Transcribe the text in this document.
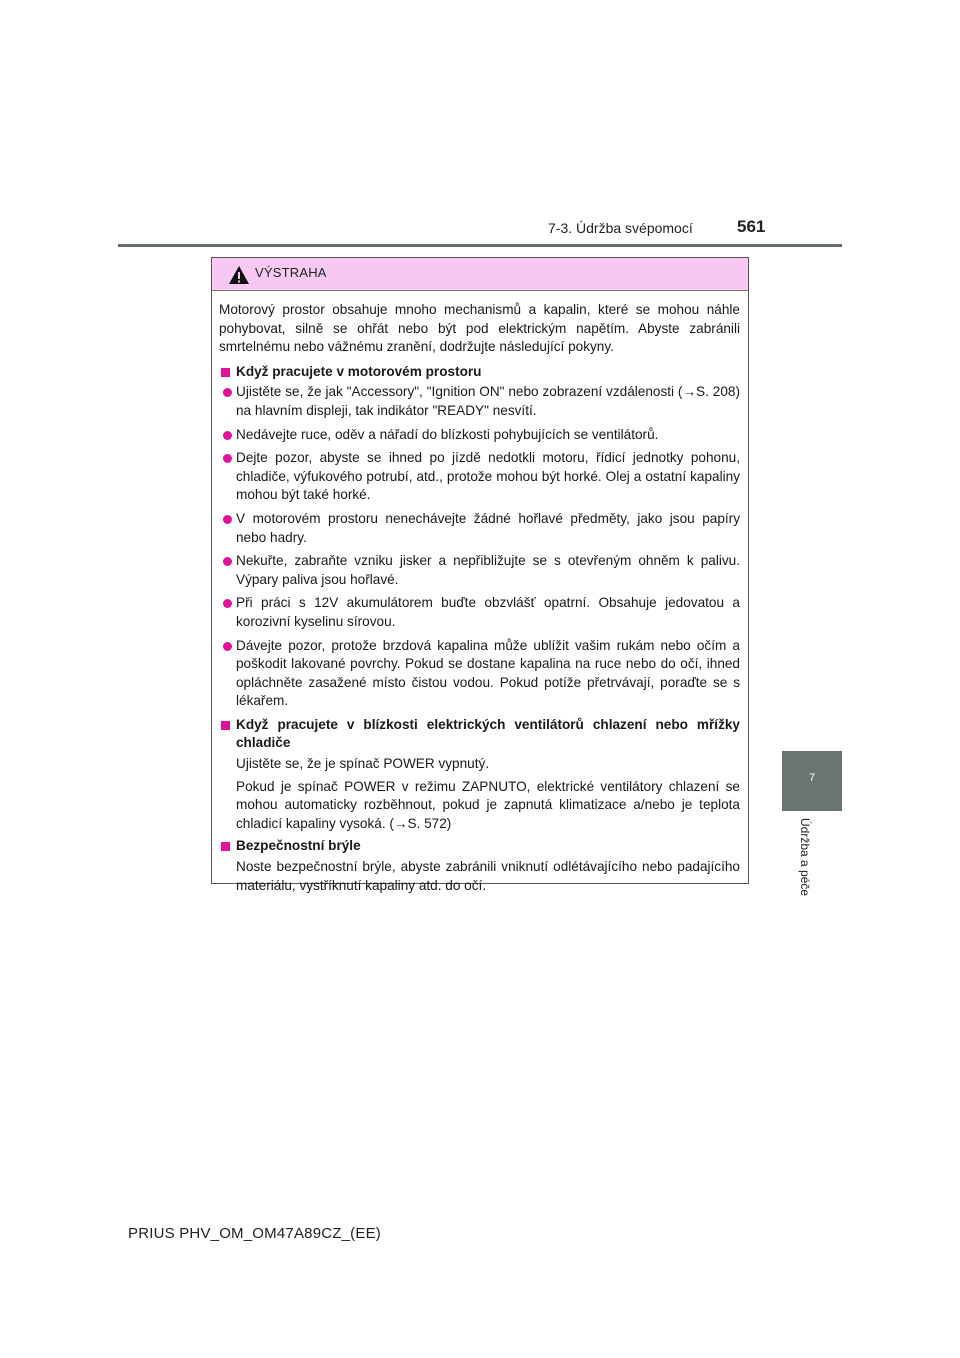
7-3. Údržba svépomocí	561
7
Údržba a péče
VÝSTRAHA

Motorový prostor obsahuje mnoho mechanismů a kapalin, které se mohou náhle pohybovat, silně se ohřát nebo být pod elektrickým napětím. Abyste zabránili smrtelnému nebo vážnému zranění, dodržujte následující pokyny.

Když pracujete v motorovém prostoru
Ujistěte se, že jak "Accessory", "Ignition ON" nebo zobrazení vzdálenosti (→S. 208) na hlavním displeji, tak indikátor "READY" nesvítí.
Nedávejte ruce, oděv a nářadí do blízkosti pohybujících se ventilátorů.
Dejte pozor, abyste se ihned po jízdě nedotkli motoru, řídicí jednotky pohonu, chladiče, výfukového potrubí, atd., protože mohou být horké. Olej a ostatní kapaliny mohou být také horké.
V motorovém prostoru nenechávejte žádné hořlavé předměty, jako jsou papíry nebo hadry.
Nekuřte, zabraňte vzniku jisker a nepřibližujte se s otevřeným ohněm k palivu. Výpary paliva jsou hořlavé.
Při práci s 12V akumulátorem buďte obzvlášť opatrní. Obsahuje jedovatou a korozivní kyselinu sírovou.
Dávejte pozor, protože brzdová kapalina může ublížit vašim rukám nebo očím a poškodit lakované povrchy. Pokud se dostane kapalina na ruce nebo do očí, ihned opláchněte zasažené místo čistou vodou. Pokud potíže přetrvávají, poraďte se s lékařem.
Když pracujete v blízkosti elektrických ventilátorů chlazení nebo mřížky chladiče
Ujistěte se, že je spínač POWER vypnutý.
Pokud je spínač POWER v režimu ZAPNUTO, elektrické ventilátory chlazení se mohou automaticky rozběhnout, pokud je zapnutá klimatizace a/nebo je teplota chladicí kapaliny vysoká. (→S. 572)
Bezpečnostní brýle
Noste bezpečnostní brýle, abyste zabránili vniknutí odlétávajícího nebo padajícího materiálu, vystříknutí kapaliny atd. do očí.
PRIUS PHV_OM_OM47A89CZ_(EE)
